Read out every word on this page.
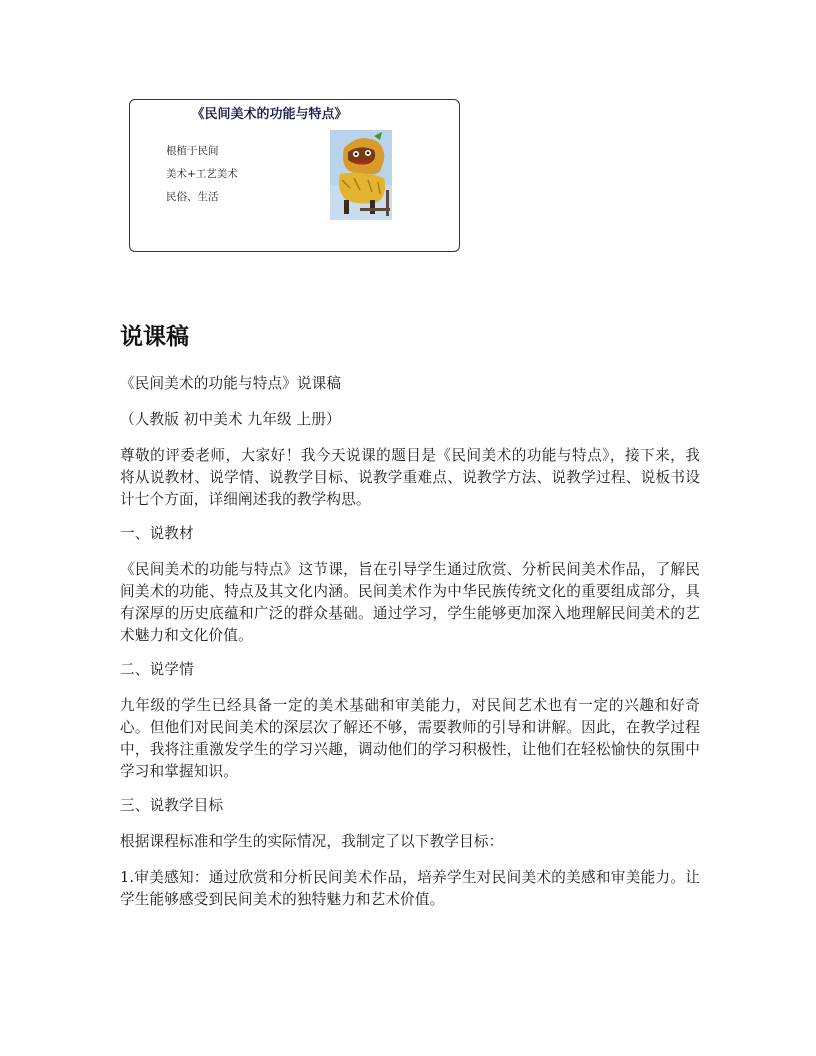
《民间美术的功能与特点》
根植于民间
美术+工艺美术
民俗、生活
说课稿

《民间美术的功能与特点》说课稿

（人教版 初中美术 九年级 上册）

尊敬的评委老师，大家好！我今天说课的题目是《民间美术的功能与特点》，接下来，我将从说教材、说学情、说教学目标、说教学重难点、说教学方法、说教学过程、说板书设计七个方面，详细阐述我的教学构思。

一、说教材

《民间美术的功能与特点》这节课，旨在引导学生通过欣赏、分析民间美术作品，了解民间美术的功能、特点及其文化内涵。民间美术作为中华民族传统文化的重要组成部分，具有深厚的历史底蕴和广泛的群众基础。通过学习，学生能够更加深入地理解民间美术的艺术魅力和文化价值。

二、说学情

九年级的学生已经具备一定的美术基础和审美能力，对民间艺术也有一定的兴趣和好奇心。但他们对民间美术的深层次了解还不够，需要教师的引导和讲解。因此，在教学过程中，我将注重激发学生的学习兴趣，调动他们的学习积极性，让他们在轻松愉快的氛围中学习和掌握知识。

三、说教学目标

根据课程标准和学生的实际情况，我制定了以下教学目标：

1.审美感知：通过欣赏和分析民间美术作品，培养学生对民间美术的美感和审美能力。让学生能够感受到民间美术的独特魅力和艺术价值。
